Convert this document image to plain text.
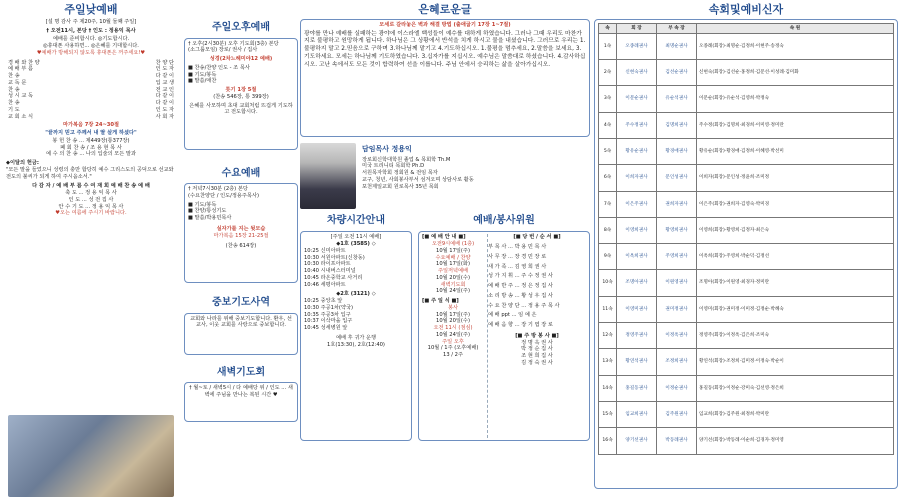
주일낮예배
[설 명 감사 주 제20주, 10월 둘째 주일]
† 오전11시, 본당 † 인도 : 정용익 목사
예배를 준비합시다. ◎기도합시다.
◎휴대폰 사용하면... ◎은혜를 기대합시다.
♥예배가 방해되지 않도록 휴대폰은 꺼주세요!♥
경 배 와 찬 양	찬 양 단
예 배 부 름	인 도 자
찬 송	다 같 이
교 독 문	입 교 생
찬 송	전 교 인
성 시 교 독	다 같 이
찬 송	다 같 이
기 도	인 도 자
교 회 소 식	사 회 자
마가복음 7장 24~30절
"끝까지 믿고 주께서 내 딸 살게 하셨다"
봉 헌 찬 송 ... 제449장(통377장)
폐 회 찬 송 / 조 용 현 목 사
예 수 의 찬 송 ... 나의 입술의 모든 말과
◆이달의 헌금:
"모든 말을 들었으니 성령의 충만 합당히 예수 그리스도의 공덕으로 선교와 전도의 불씨가 되게 하여 주시옵소서."
다 감 자 / 예 배 부 름 수 여 재 회 예 배 찬 송 예 배
축 도 ... 정 용 익 목 사
인 도 ... 성 전 집 사
안 수 기 도 ... 정 용 익 목 사
♥오는 여름에 주시기 바랍니다.
주일오후예배
† 오후(2시30분) 오후 기도회(3층) 본당
(소그룹모임) 장로/ 권사 / 집사
성경(2차느헤미야12 예배)
■ 찬송/찬양 인도 - 조 목사
■ 기도/봉독
■ 말씀/애찬
룻기 1장 5절
(찬송 546장, 통 399장)
은혜를 사모하며 초대 교회처럼 뜨겁게 기도하고 전도합시다.
수요예배
† 저녁7시30분 (2층) 본당
(수요찬양단 / 인도/정용주목사)
■ 기도/봉독
■ 찬양/통성기도
■ 말씀/박용민목사
실자가를 지는 뒷모습
마가복음 15장 21-25절
(찬송 614장)
중보기도사역
교회와 나라를 위해 중보기도합니다. 환우, 선교사, 이웃 교회를 사랑으로 중보합니다.
새벽기도회
† 월~토 / 새벽5시 / 다 예배당 위 / 인도 ... 새벽에 주님을 만나는 복된 시간 ♥
은혜로운글
모세로 갈라놓은 벽과 해결 방법 (출애굽기 17장 1~7절)
광야를 만나 예배를 실패하는 광야에 이스라엘 백성들이 예수를 대하게 하였습니다. 그러나 그때 우리도 마찬가지로 불평하고 원망하게 됩니다. 하나님은 그 상황에서 반석을 치게 하시고 물을 내셨습니다. 그러므로 우리는 1.불평하지 말고 2.믿음으로 구하며 3.하나님께 맡기고 4.기도하십시오. 1.불평을 멈추세요, 2.말씀을 보세요, 3.기도하세요. 모세는 하나님께 기도하였습니다. 3.십자가를 지십시오. 예수님은 말씀대로 하셨습니다. 4.감사하십시오. 고난 속에서도 모든 것이 합력하여 선을 이룹니다. 주님 안에서 승리하는 삶을 살아가십시오.
담임목사 정용익
장로회신학대학원 졸업 & 목회학 Th.M
미국 트리니티 목회학 Ph.D
서원목자학회 정회원 & 전임 목자
교구, 청년, 사회봉사부서 섬겨오며 상담사로 활동
포천제일교회 원로목사 35년 목회
차량시간안내
[주일 오전 11시 예배]
◆1호 (3585) ◇
10:25 신미아파트
10:30 서원아파트(신창동)
10:30 라이프아파트
10:40 시내버스터미널
10:45 라온중학교 사거리
10:46 세평아파트
◆2호 (3121) ◇
10:25 중앙초 앞
10:30 주공1차(약국)
10:35 주공3차 입구
10:37 이삭마을 입구
10:45 성세병원 앞
예배 후 귀가 운행
1호(13:30), 2호(12:40)
예배/봉사위원
[■ 예 배 안 내 ■]
오전9시예배 (1층)
10월 17일(주)
수요예배 / 찬양
10월 17일(화)
주일저녁예배
10월 20일(수)
새벽기도회
10월 24일(주)
[■ 주 일 식 ■]
봉사
10월 17일(주)
10월 20일(수)
오전 11시 (점심)
10월 24일(주)
주일 오후
10월 / 1주 (오후예배)
13 / 2주
[■ 당 번 / 순 서 ■]
부 목 사 ... 박 용 민 목 사
사 무 장 ... 장 경 민 장 로
새 가 족 ... 김 영 희 권 사
성 가 지 휘 ... 주 수 정 권 사
예 배 반 주 ... 정 은 정 집 사
소 리 방 송 ... 황 성 우 집 사
수 요 찬 양 단 ... 정 용 주 목 사
예 배 ppt ... 임 예 은
예 배 음 향 ... 장 기 엽 장 로
[■ 주 방 봉 사 ■]
정 명 옥 권 사
박 정 순 집 사
조 현 희 집 사
김 정 숙 권 사
속회및예비신자
속	회 장	부 속 장	속 원
1속	오종례권사	최명순권사	오종례(회장)·최명순·김정희·이현주·송정숙
2속	신현숙권사	김선순권사	신현숙(회장)·김선순·홍정희·김문선·이성례·김미화
3속	이문순권사	유순석권사	이문순(회장)·유순석·김영희·박정숙
4속	주수정권사	김명희권사	주수정(회장)·김명희·최경희·이미영·정미란
5속	황유순권사	황경애권사	황유순(회장)·황경애·김정희·이혜영·박선미
6속	이희자권사	문인성권사	이희자(회장)·문인성·정윤희·조미정
7속	이은주권사	권희자권사	이은주(회장)·권희자·김영숙·박미경
8속	이영희권사	황영희권사	이영희(회장)·황영희·김정자·최은숙
9속	이옥희권사	주영희권사	이옥희(회장)·주영희·박순덕·김정선
10속	조명아권사	이원영권사	조명아(회장)·이원영·최경자·정미란
11속	이영미권사	권미정권사	이영미(회장)·권미정·이미정·김정순·박혜숙
12속	정영주권사	이정옥권사	정영주(회장)·이정옥·김은희·조미숙
13속	황연석권사	조정희권사	황연석(회장)·조정희·김미정·이정숙·박순이
14속	홍길동권사	이정순권사	홍길동(회장)·이정순·강미숙·김선영·정은희
15속	임교희권사	김주원권사	임교희(회장)·김주원·최정희·박미란
16속	양기선권사	박동례권사	양기선(회장)·박동례·이순희·김경자·정미영
